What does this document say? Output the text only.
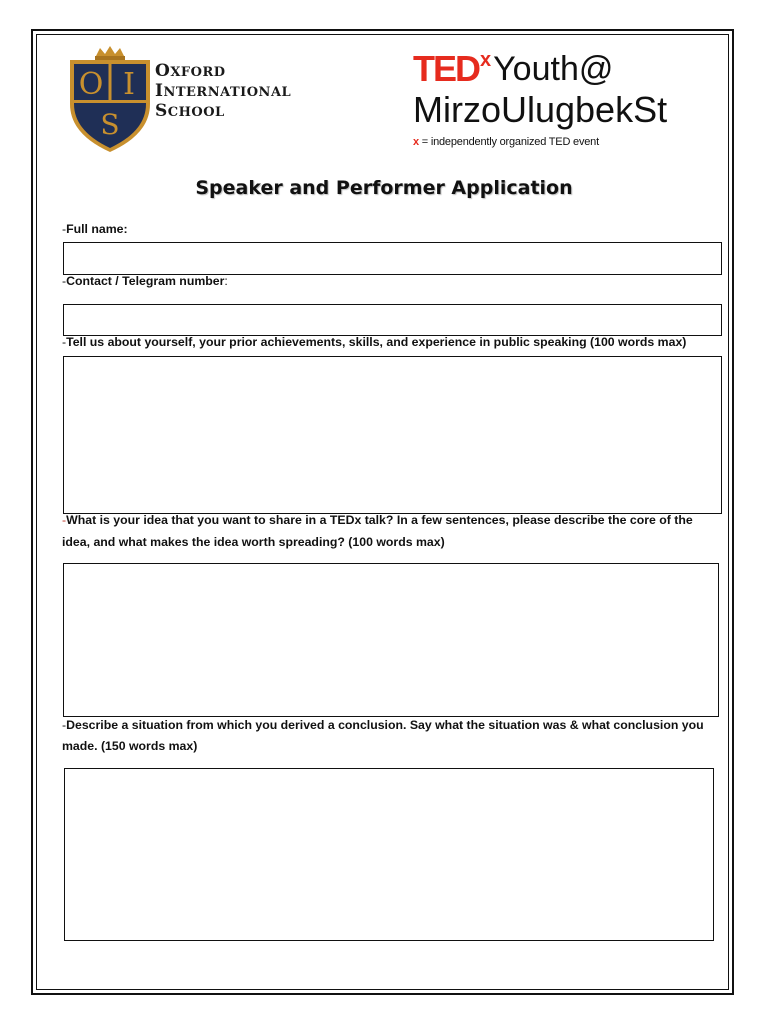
O I
S
OXFORD
INTERNATIONAL
SCHOOL
TED x Youth@
MirzoUlugbekSt
x = independently organized TED event
Speaker and Performer Application
-Full name:
-Contact / Telegram number:
-Tell us about yourself, your prior achievements, skills, and experience in public speaking (100 words max)
-What is your idea that you want to share in a TEDx talk? In a few sentences, please describe the core of the
idea, and what makes the idea worth spreading? (100 words max)
-Describe a situation from which you derived a conclusion. Say what the situation was & what conclusion you
made. (150 words max)
